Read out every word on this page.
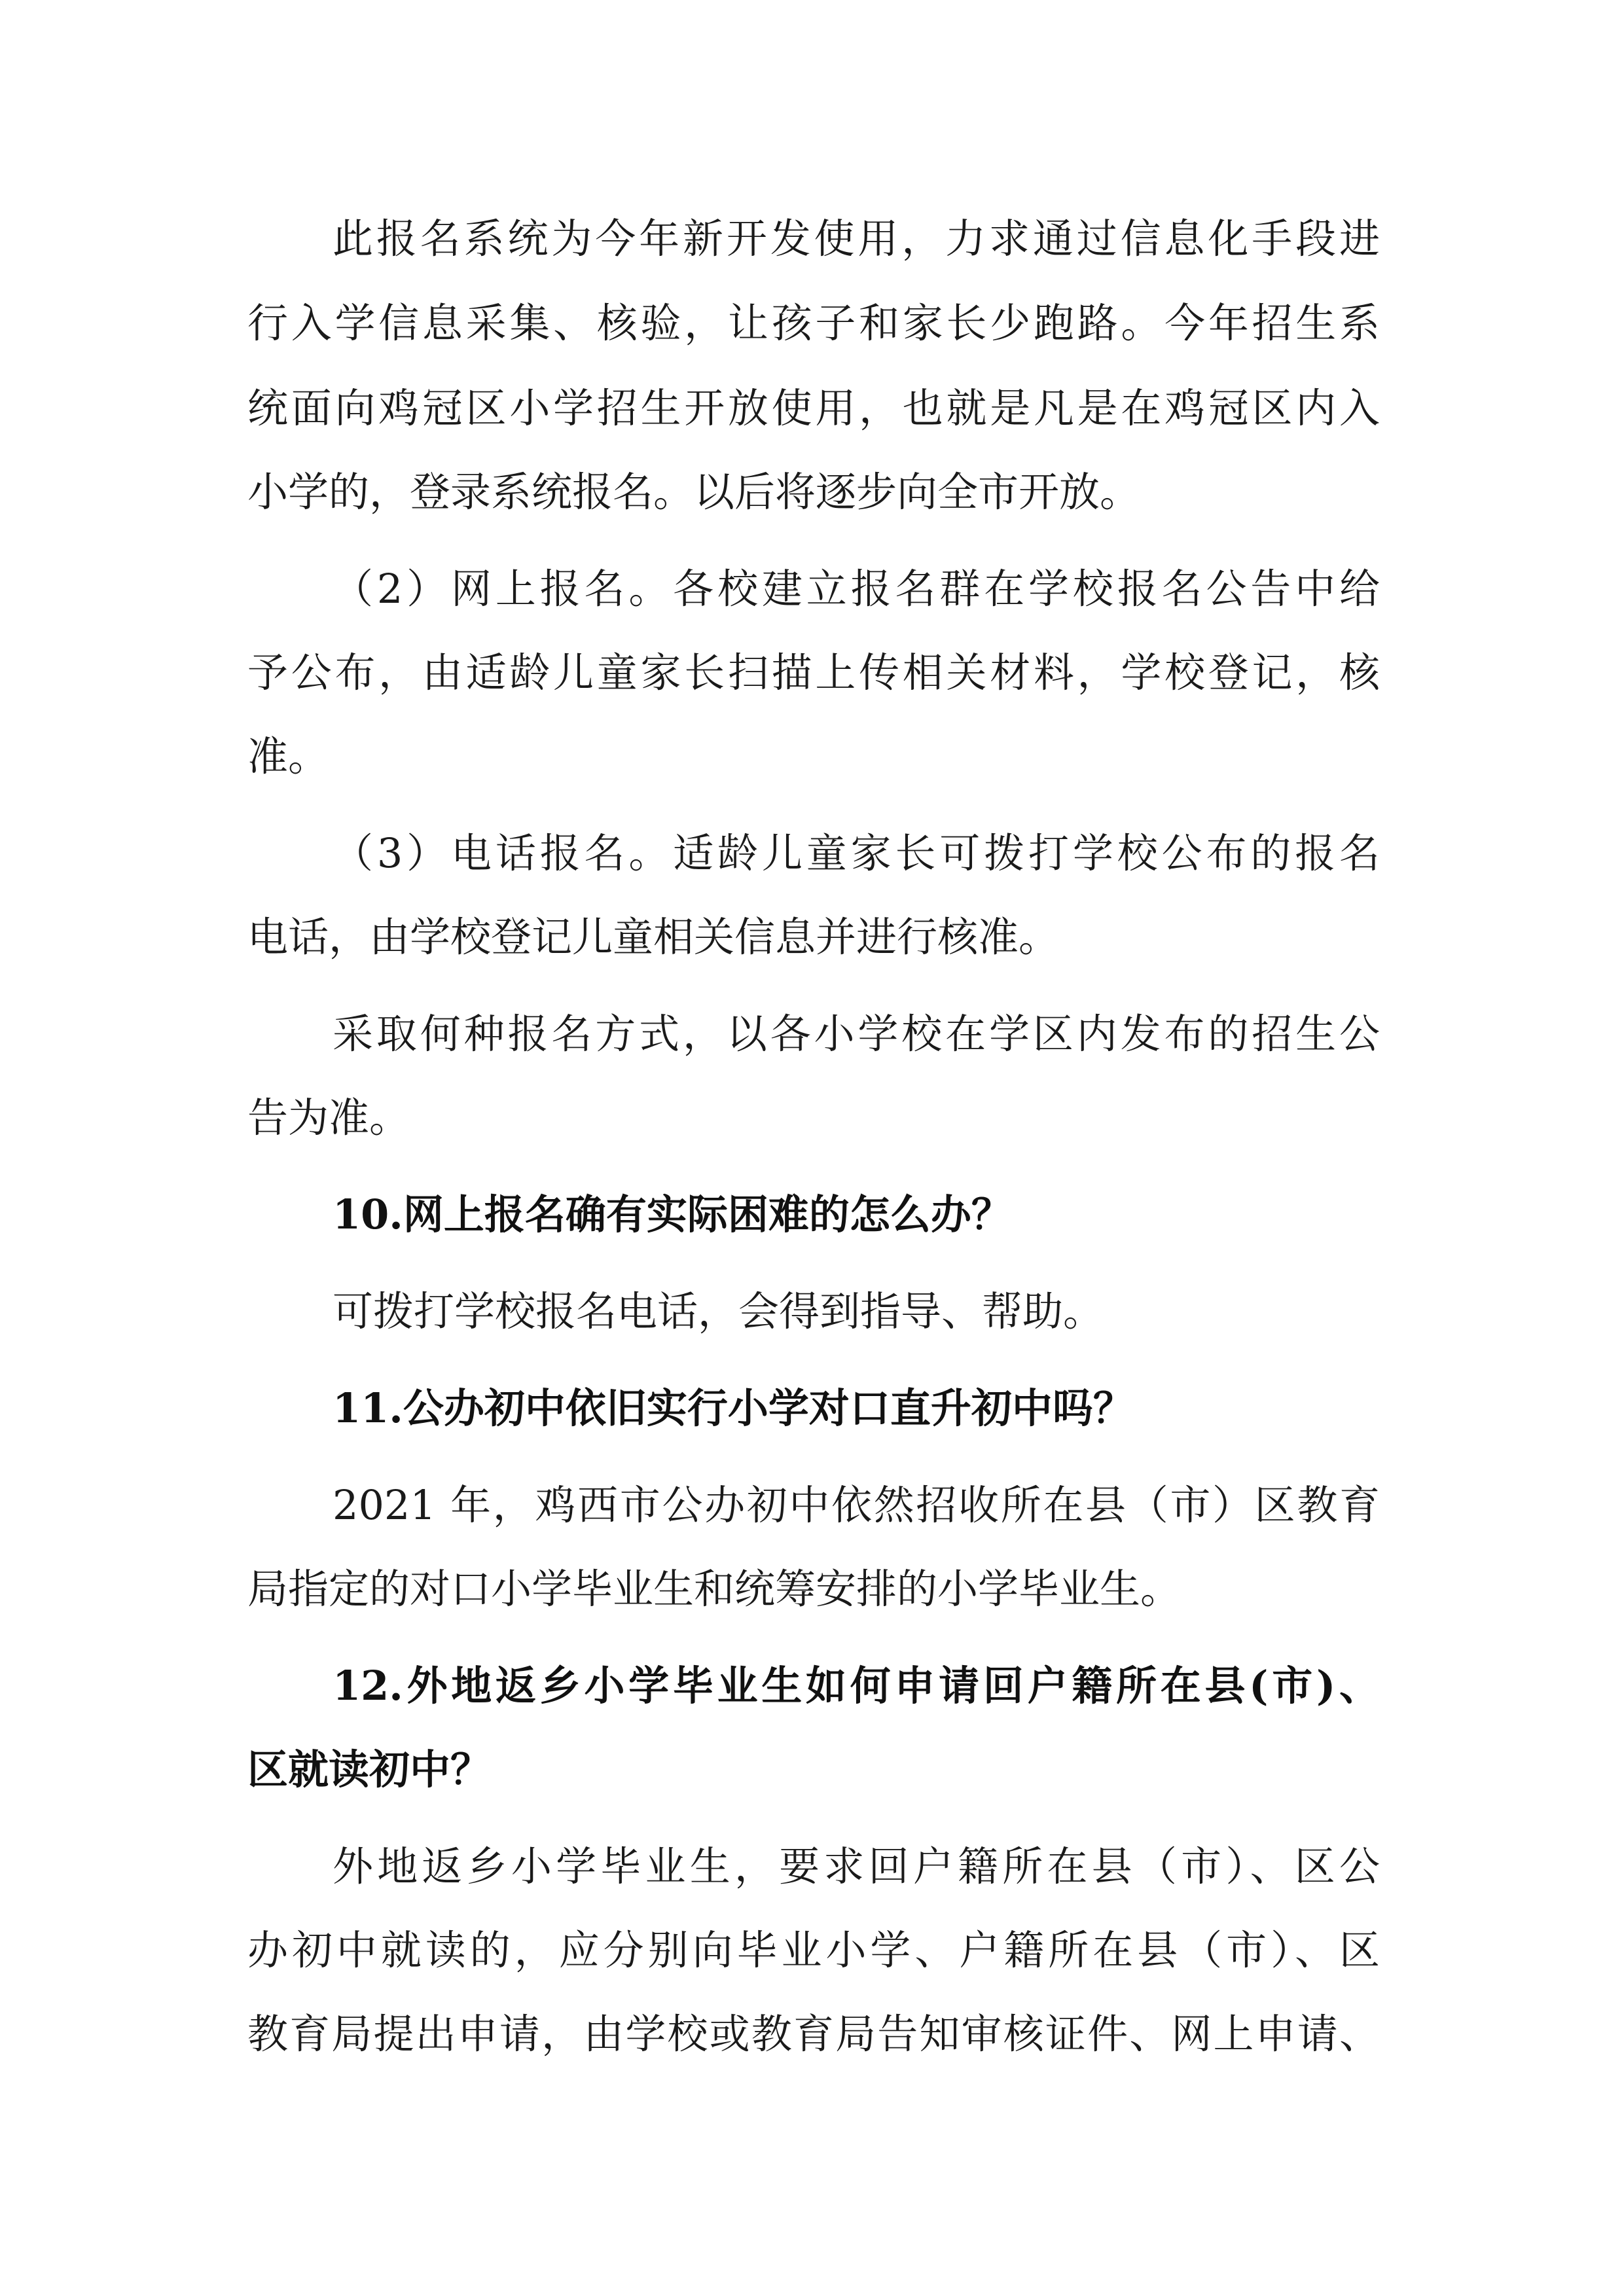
此报名系统为今年新开发使用，力求通过信息化手段进
行入学信息采集、核验，让孩子和家长少跑路。今年招生系
统面向鸡冠区小学招生开放使用，也就是凡是在鸡冠区内入
小学的，登录系统报名。以后将逐步向全市开放。
（2）网上报名。各校建立报名群在学校报名公告中给
予公布，由适龄儿童家长扫描上传相关材料，学校登记，核
准。
（3）电话报名。适龄儿童家长可拨打学校公布的报名
电话，由学校登记儿童相关信息并进行核准。
采取何种报名方式，以各小学校在学区内发布的招生公
告为准。
10.网上报名确有实际困难的怎么办？
可拨打学校报名电话，会得到指导、帮助。
11.公办初中依旧实行小学对口直升初中吗？
2021 年，鸡西市公办初中依然招收所在县（市）区教育
局指定的对口小学毕业生和统筹安排的小学毕业生。
12.外地返乡小学毕业生如何申请回户籍所在县(市)、
区就读初中？
外地返乡小学毕业生，要求回户籍所在县（市）、区公
办初中就读的，应分别向毕业小学、户籍所在县（市）、区
教育局提出申请，由学校或教育局告知审核证件、网上申请、
